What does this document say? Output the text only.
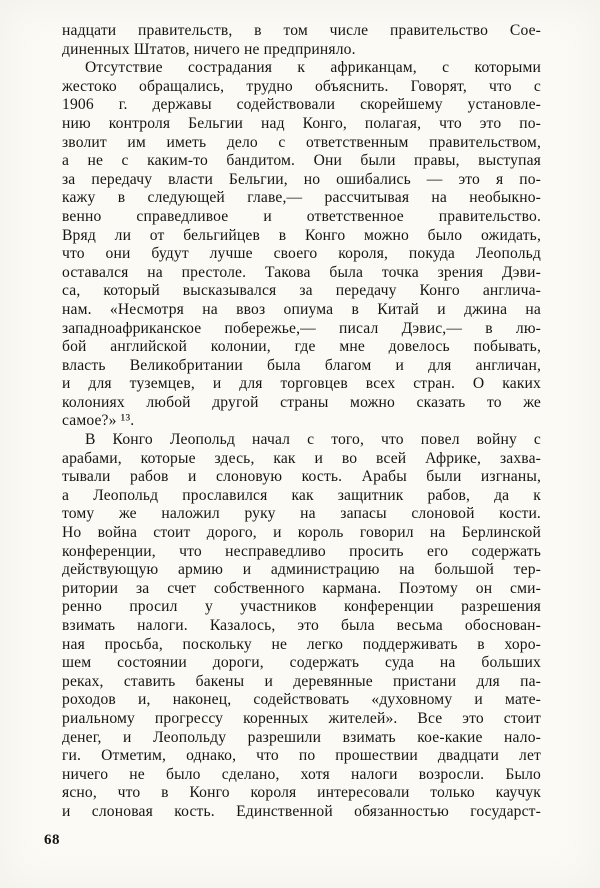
надцати правительств, в том числе правительство Сое-
диненных Штатов, ничего не предприняло.
Отсутствие сострадания к африканцам, с которыми
жестоко обращались, трудно объяснить. Говорят, что с
1906 г. державы содействовали скорейшему установле-
нию контроля Бельгии над Конго, полагая, что это по-
зволит им иметь дело с ответственным правительством,
а не с каким-то бандитом. Они были правы, выступая
за передачу власти Бельгии, но ошибались — это я по-
кажу в следующей главе,— рассчитывая на необыкно-
венно справедливое и ответственное правительство.
Вряд ли от бельгийцев в Конго можно было ожидать,
что они будут лучше своего короля, покуда Леопольд
оставался на престоле. Такова была точка зрения Дэви-
са, который высказывался за передачу Конго англича-
нам. «Несмотря на ввоз опиума в Китай и джина на
западноафриканское побережье,— писал Дэвис,— в лю-
бой английской колонии, где мне довелось побывать,
власть Великобритании была благом и для англичан,
и для туземцев, и для торговцев всех стран. О каких
колониях любой другой страны можно сказать то же
самое?» ¹³.
В Конго Леопольд начал с того, что повел войну с
арабами, которые здесь, как и во всей Африке, захва-
тывали рабов и слоновую кость. Арабы были изгнаны,
а Леопольд прославился как защитник рабов, да к
тому же наложил руку на запасы слоновой кости.
Но война стоит дорого, и король говорил на Берлинской
конференции, что несправедливо просить его содержать
действующую армию и администрацию на большой тер-
ритории за счет собственного кармана. Поэтому он сми-
ренно просил у участников конференции разрешения
взимать налоги. Казалось, это была весьма обоснован-
ная просьба, поскольку не легко поддерживать в хоро-
шем состоянии дороги, содержать суда на больших
реках, ставить бакены и деревянные пристани для па-
роходов и, наконец, содействовать «духовному и мате-
риальному прогрессу коренных жителей». Все это стоит
денег, и Леопольду разрешили взимать кое-какие нало-
ги. Отметим, однако, что по прошествии двадцати лет
ничего не было сделано, хотя налоги возросли. Было
ясно, что в Конго короля интересовали только каучук
и слоновая кость. Единственной обязанностью государст-
68
